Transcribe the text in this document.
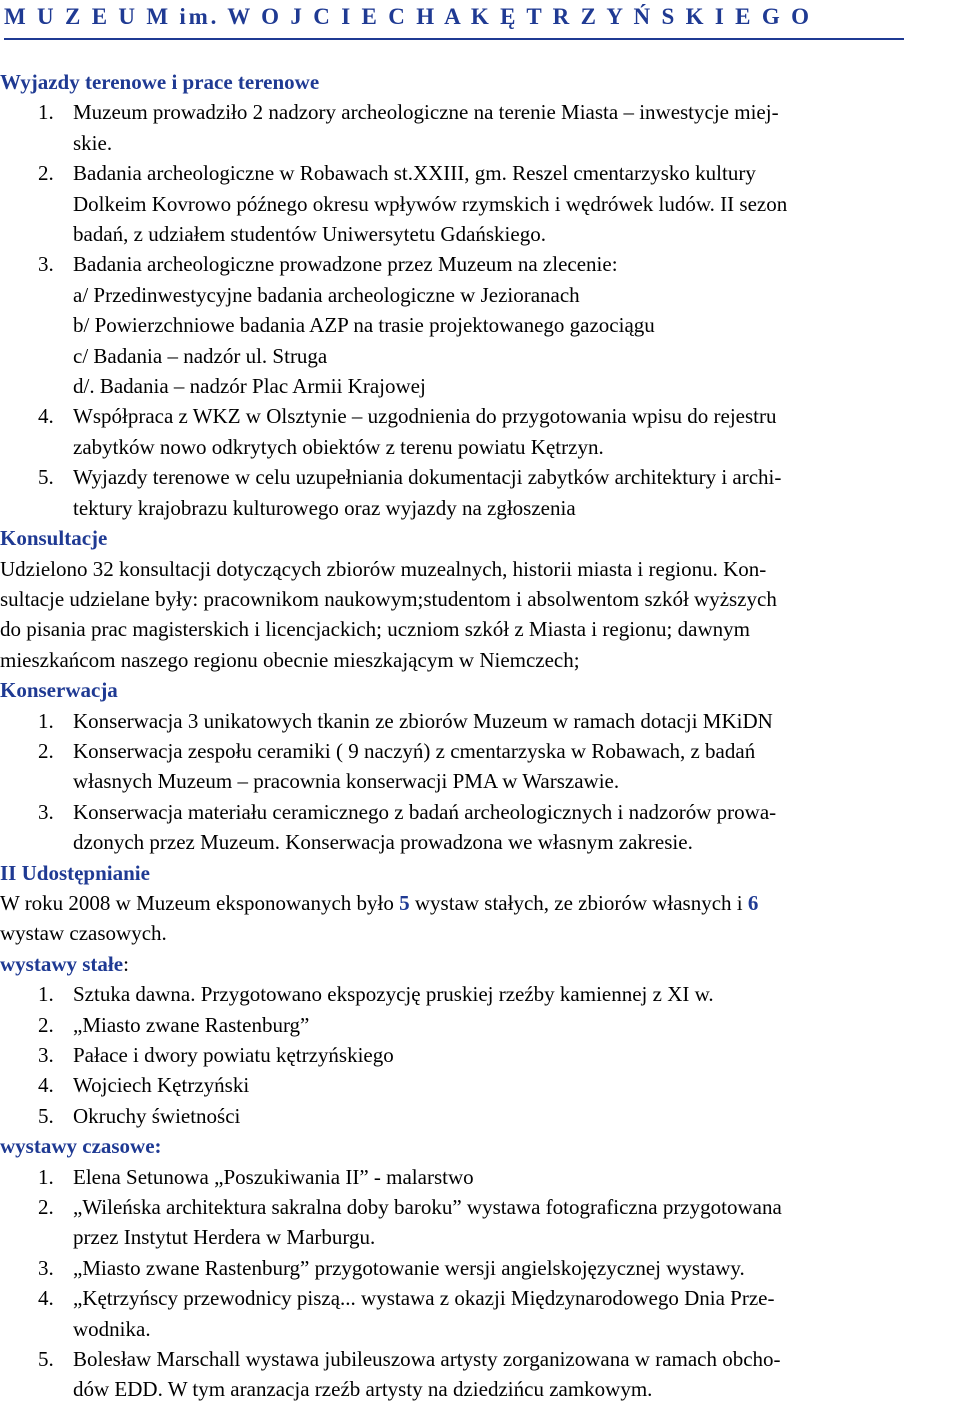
M U Z E U M im. W O J C I E C H A K Ę T R Z Y Ń S K I E G O

Wyjazdy terenowe i prace terenowe

1. Muzeum prowadziło 2 nadzory archeologiczne na terenie Miasta – inwestycje miej-

skie.

2. Badania archeologiczne w Robawach st.XXIII, gm. Reszel cmentarzysko kultury

Dolkeim Kovrowo późnego okresu wpływów rzymskich i wędrówek ludów. II sezon

badań, z udziałem studentów Uniwersytetu Gdańskiego.

3. Badania archeologiczne prowadzone przez Muzeum na zlecenie:

a/ Przedinwestycyjne badania archeologiczne w Jezioranach

b/ Powierzchniowe badania AZP na trasie projektowanego gazociągu

c/ Badania – nadzór ul. Struga

d/. Badania – nadzór Plac Armii Krajowej

4. Współpraca z WKZ w Olsztynie – uzgodnienia do przygotowania wpisu do rejestru

zabytków nowo odkrytych obiektów z terenu powiatu Kętrzyn.

5. Wyjazdy terenowe w celu uzupełniania dokumentacji zabytków architektury i archi-

tektury krajobrazu kulturowego oraz wyjazdy na zgłoszenia

Konsultacje

Udzielono 32 konsultacji dotyczących zbiorów muzealnych, historii miasta i regionu. Kon-

sultacje udzielane były: pracownikom naukowym;studentom i absolwentom szkół wyższych

do pisania prac magisterskich i licencjackich; uczniom szkół z Miasta i regionu; dawnym

mieszkańcom naszego regionu obecnie mieszkającym w Niemczech;

Konserwacja

1. Konserwacja 3 unikatowych tkanin ze zbiorów Muzeum w ramach dotacji MKiDN

2. Konserwacja zespołu ceramiki ( 9 naczyń) z cmentarzyska w Robawach, z badań

własnych Muzeum – pracownia konserwacji PMA w Warszawie.

3. Konserwacja materiału ceramicznego z badań archeologicznych i nadzorów prowa-

dzonych przez Muzeum. Konserwacja prowadzona we własnym zakresie.

II Udostępnianie

W roku 2008 w Muzeum eksponowanych było 5 wystaw stałych, ze zbiorów własnych i 6

wystaw czasowych.

wystawy stałe:

1. Sztuka dawna. Przygotowano ekspozycję pruskiej rzeźby kamiennej z XI w.

2. „Miasto zwane Rastenburg”

3. Pałace i dwory powiatu kętrzyńskiego

4. Wojciech Kętrzyński

5. Okruchy świetności

wystawy czasowe:

1. Elena Setunowa „Poszukiwania II” - malarstwo

2. „Wileńska architektura sakralna doby baroku” wystawa fotograficzna przygotowana

przez Instytut Herdera w Marburgu.

3. „Miasto zwane Rastenburg” przygotowanie wersji angielskojęzycznej wystawy.

4. „Kętrzyńscy przewodnicy piszą... wystawa z okazji Międzynarodowego Dnia Prze-

wodnika.

5. Bolesław Marschall wystawa jubileuszowa artysty zorganizowana w ramach obcho-

dów EDD. W tym aranzacja rzeźb artysty na dziedzińcu zamkowym.
